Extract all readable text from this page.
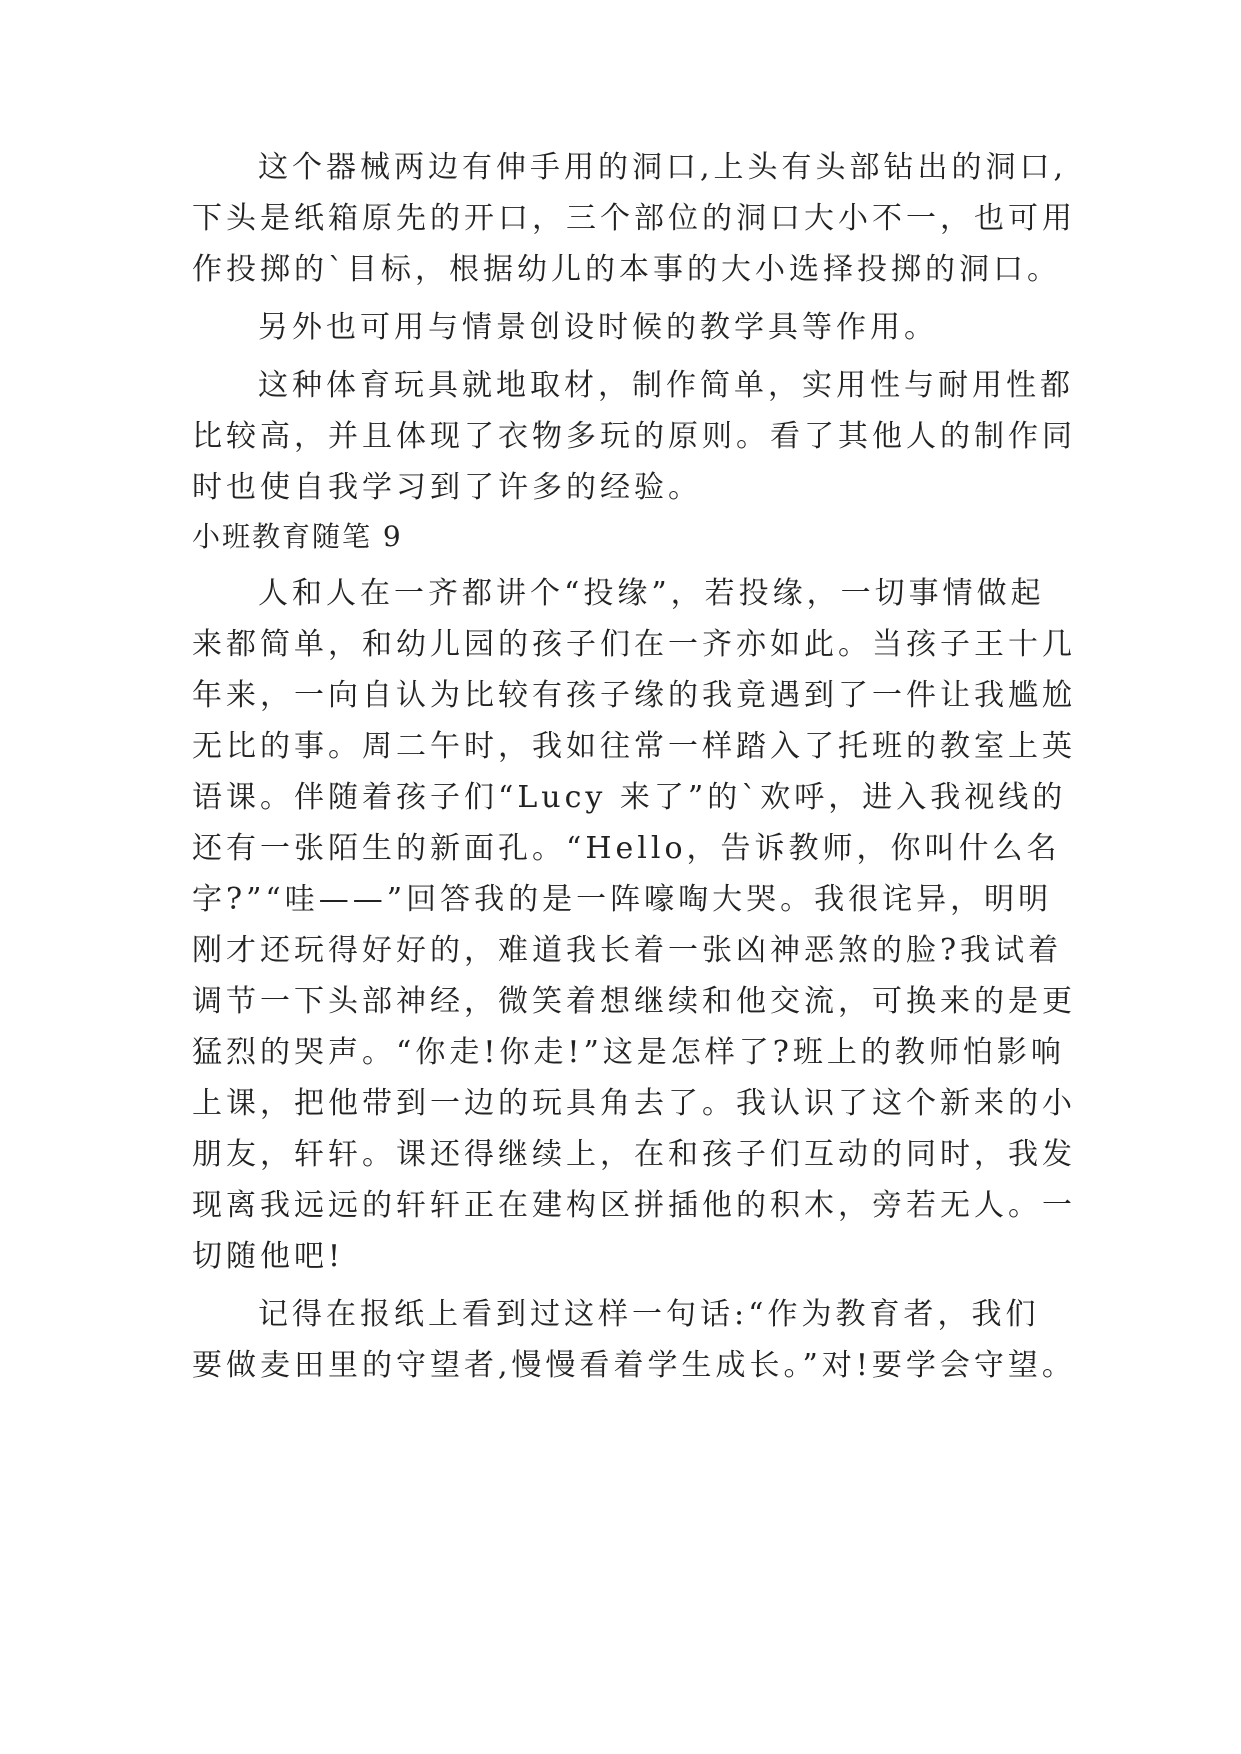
这个器械两边有伸手用的洞口,上头有头部钻出的洞口,

下头是纸箱原先的开口，三个部位的洞口大小不一，也可用

作投掷的`目标，根据幼儿的本事的大小选择投掷的洞口。

另外也可用与情景创设时候的教学具等作用。

这种体育玩具就地取材，制作简单，实用性与耐用性都

比较高，并且体现了衣物多玩的原则。看了其他人的制作同

时也使自我学习到了许多的经验。

小班教育随笔 9

人和人在一齐都讲个“投缘”，若投缘，一切事情做起

来都简单，和幼儿园的孩子们在一齐亦如此。当孩子王十几

年来，一向自认为比较有孩子缘的我竟遇到了一件让我尴尬

无比的事。周二午时，我如往常一样踏入了托班的教室上英

语课。伴随着孩子们“Lucy 来了”的`欢呼，进入我视线的

还有一张陌生的新面孔。“Hello，告诉教师，你叫什么名

字?”“哇——”回答我的是一阵嚎啕大哭。我很诧异，明明

刚才还玩得好好的，难道我长着一张凶神恶煞的脸?我试着

调节一下头部神经，微笑着想继续和他交流，可换来的是更

猛烈的哭声。“你走!你走!”这是怎样了?班上的教师怕影响

上课，把他带到一边的玩具角去了。我认识了这个新来的小

朋友，轩轩。课还得继续上，在和孩子们互动的同时，我发

现离我远远的轩轩正在建构区拼插他的积木，旁若无人。一

切随他吧!

记得在报纸上看到过这样一句话:“作为教育者，我们

要做麦田里的守望者,慢慢看着学生成长。”对!要学会守望。
